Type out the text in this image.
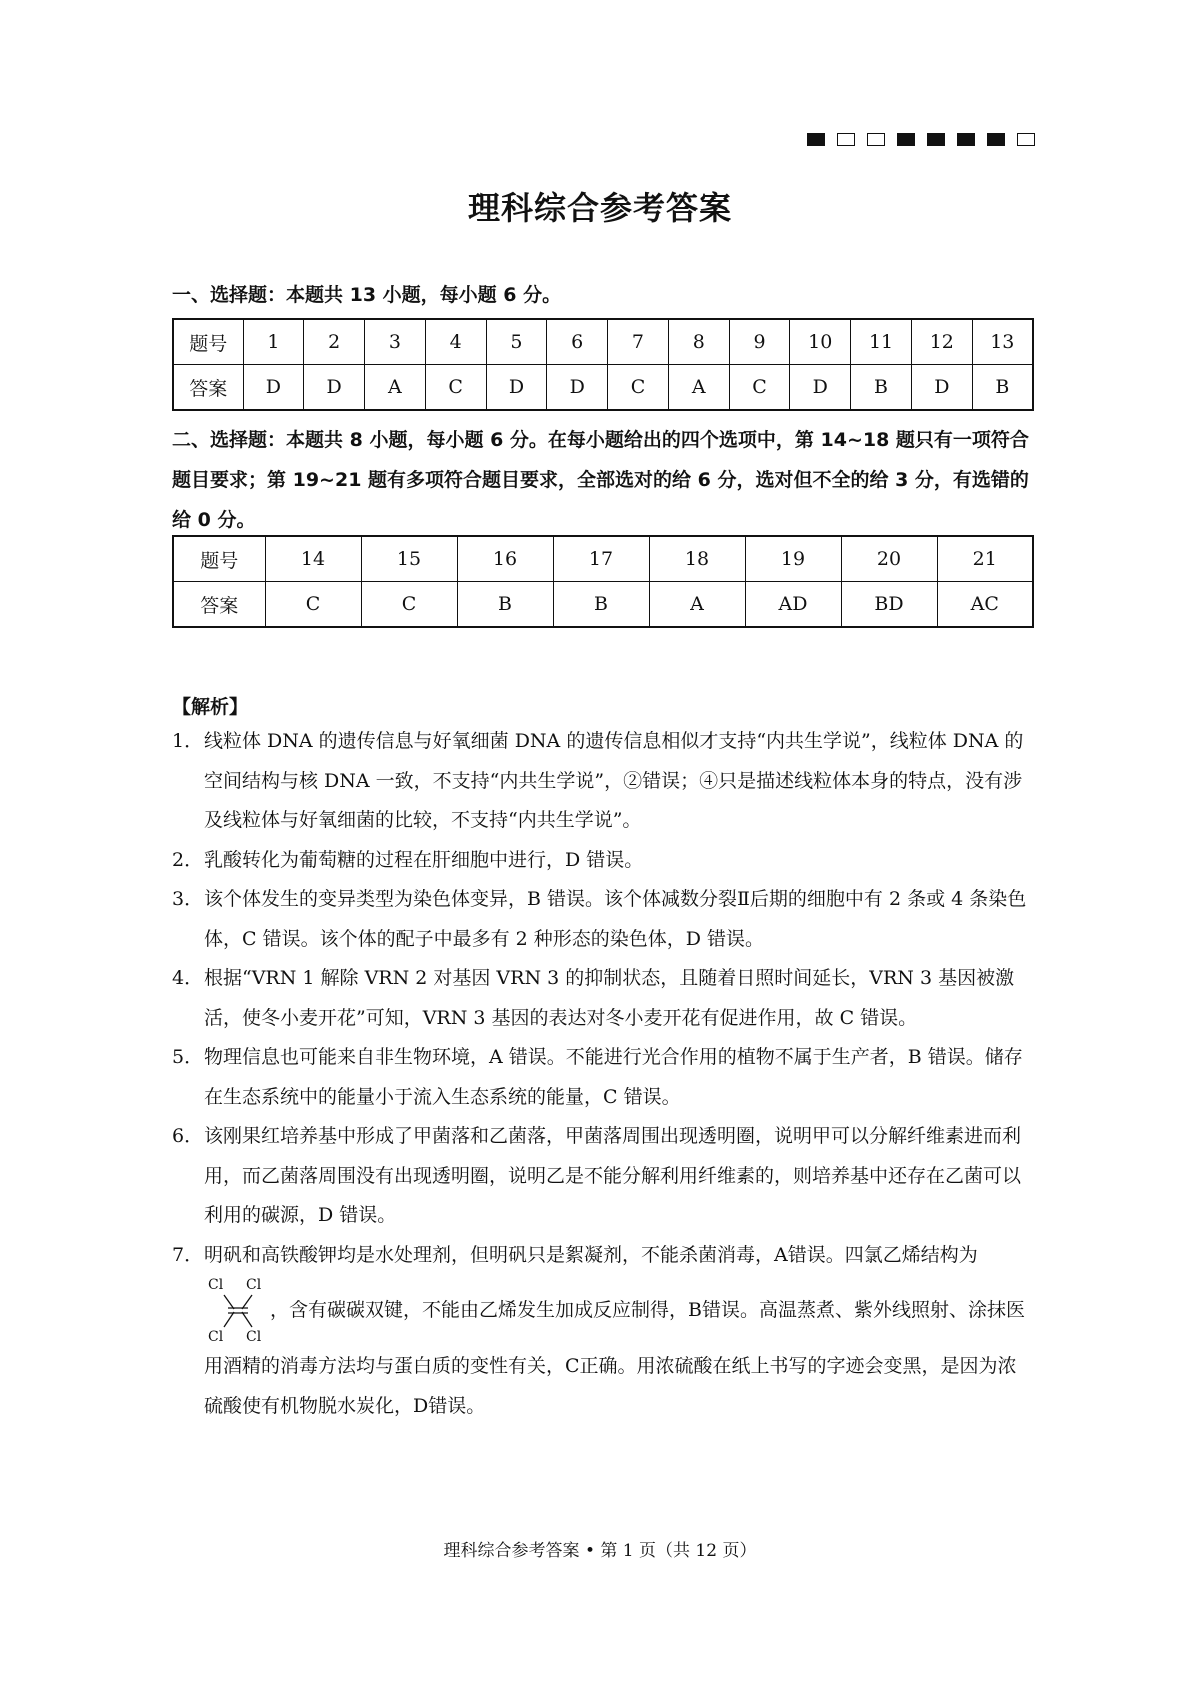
理科综合参考答案
一、选择题：本题共 13 小题，每小题 6 分。
题号	1	2	3	4	5	6	7	8	9	10	11	12	13
答案	D	D	A	C	D	D	C	A	C	D	B	D	B
二、选择题：本题共 8 小题，每小题 6 分。在每小题给出的四个选项中，第 14~18 题只有一项符合题目要求；第 19~21 题有多项符合题目要求，全部选对的给 6 分，选对但不全的给 3 分，有选错的给 0 分。
题号	14	15	16	17	18	19	20	21
答案	C	C	B	B	A	AD	BD	AC
【解析】
1． 线粒体 DNA 的遗传信息与好氧细菌 DNA 的遗传信息相似才支持“内共生学说”，线粒体 DNA 的空间结构与核 DNA 一致，不支持“内共生学说”，②错误；④只是描述线粒体本身的特点，没有涉及线粒体与好氧细菌的比较，不支持“内共生学说”。
2． 乳酸转化为葡萄糖的过程在肝细胞中进行，D 错误。
3． 该个体发生的变异类型为染色体变异，B 错误。该个体减数分裂Ⅱ后期的细胞中有 2 条或 4 条染色体，C 错误。该个体的配子中最多有 2 种形态的染色体，D 错误。
4． 根据“VRN 1 解除 VRN 2 对基因 VRN 3 的抑制状态，且随着日照时间延长，VRN 3 基因被激活，使冬小麦开花”可知，VRN 3 基因的表达对冬小麦开花有促进作用，故 C 错误。
5． 物理信息也可能来自非生物环境，A 错误。不能进行光合作用的植物不属于生产者，B 错误。储存在生态系统中的能量小于流入生态系统的能量，C 错误。
6． 该刚果红培养基中形成了甲菌落和乙菌落，甲菌落周围出现透明圈，说明甲可以分解纤维素进而利用，而乙菌落周围没有出现透明圈，说明乙是不能分解利用纤维素的，则培养基中还存在乙菌可以利用的碳源，D 错误。
7． 明矾和高铁酸钾均是水处理剂，但明矾只是絮凝剂，不能杀菌消毒，A错误。四氯乙烯结构为
Cl Cl
Cl Cl
，含有碳碳双键，不能由乙烯发生加成反应制得，B错误。高温蒸煮、紫外线照射、涂抹医用酒精的消毒方法均与蛋白质的变性有关，C正确。用浓硫酸在纸上书写的字迹会变黑，是因为浓硫酸使有机物脱水炭化，D错误。
理科综合参考答案 • 第 1 页（共 12 页）
